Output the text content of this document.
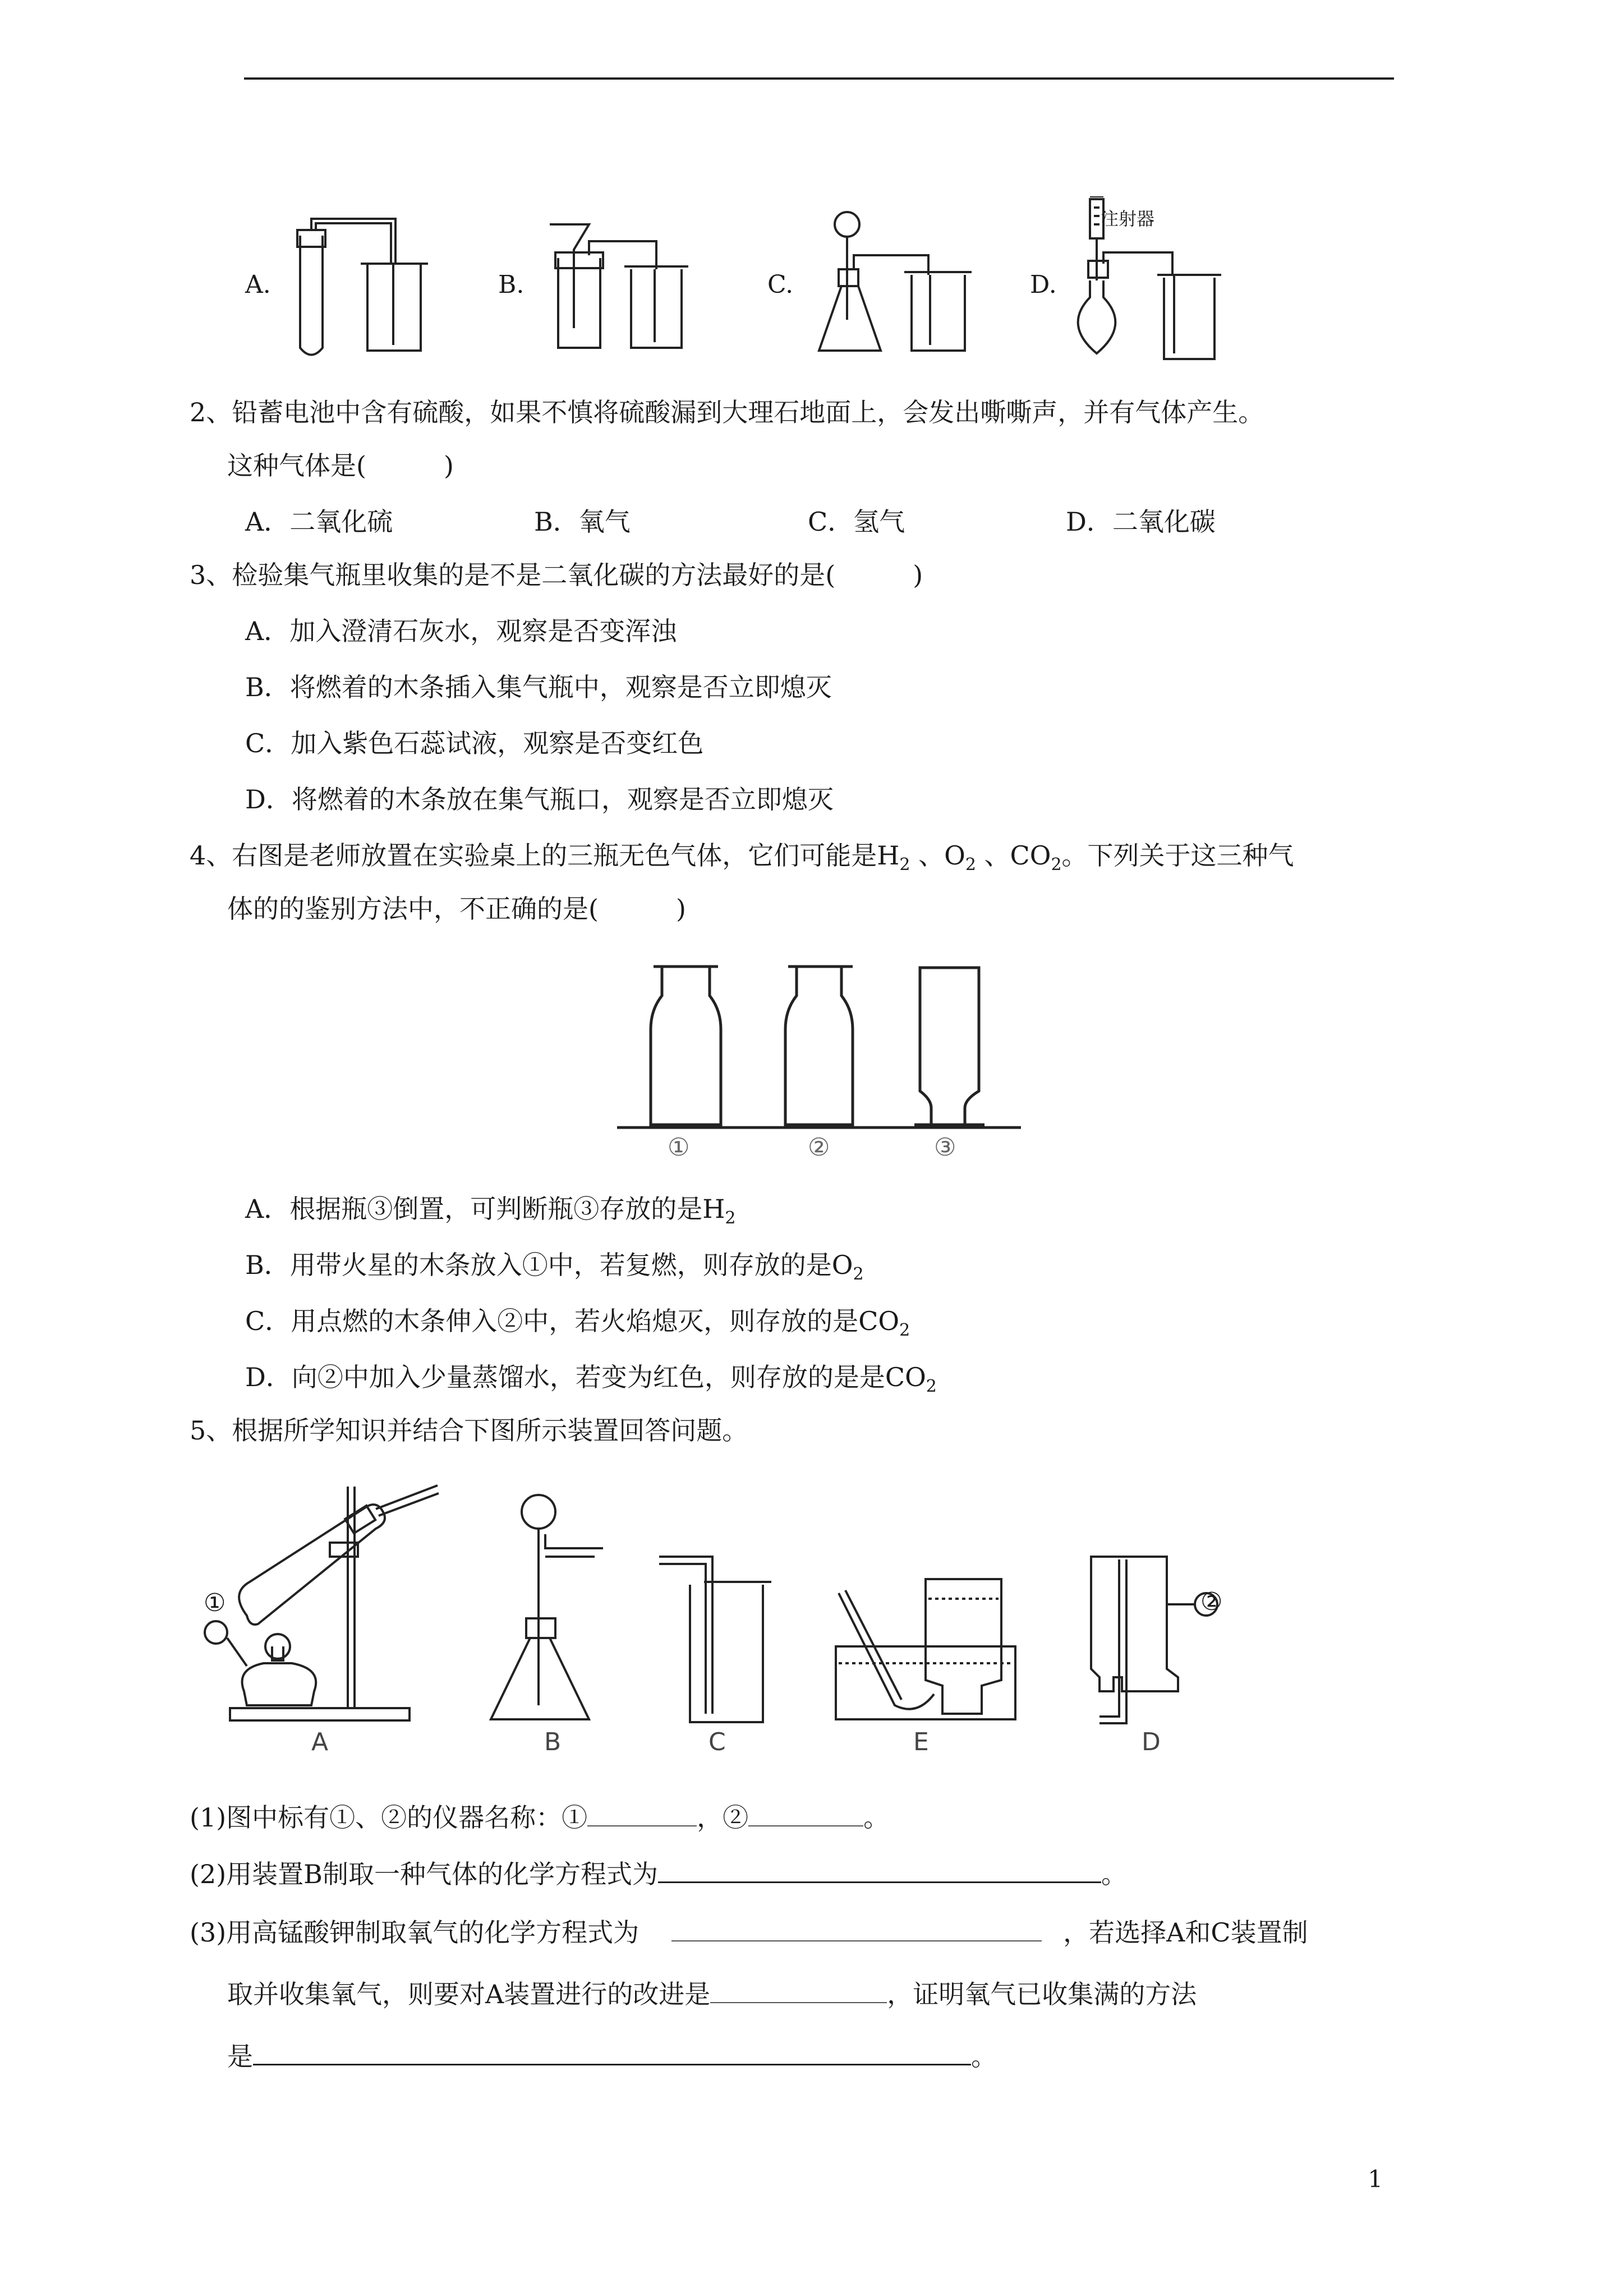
A.	B.	C.	D.
注射器
2、铅蓄电池中含有硫酸，如果不慎将硫酸漏到大理石地面上，会发出嘶嘶声，并有气体产生。
这种气体是(　　　)
A．二氧化硫	B．氧气	C．氢气	D．二氧化碳
3、检验集气瓶里收集的是不是二氧化碳的方法最好的是(　　　)
A．加入澄清石灰水，观察是否变浑浊
B．将燃着的木条插入集气瓶中，观察是否立即熄灭
C．加入紫色石蕊试液，观察是否变红色
D．将燃着的木条放在集气瓶口，观察是否立即熄灭
4、右图是老师放置在实验桌上的三瓶无色气体，它们可能是$H_2$ 、$O_2$ 、$CO_2$。下列关于这三种气
体的的鉴别方法中，不正确的是(　　　)
①	②	③
A．根据瓶③倒置，可判断瓶③存放的是$H_2$
B．用带火星的木条放入①中，若复燃，则存放的是$O_2$
C．用点燃的木条伸入②中，若火焰熄灭，则存放的是$CO_2$
D．向②中加入少量蒸馏水，若变为红色，则存放的是是$CO_2$
5、根据所学知识并结合下图所示装置回答问题。
①	②
A	B	C	E	D
(1)图中标有①、②的仪器名称：①	，②	。
(2)用装置B制取一种气体的化学方程式为	。
(3)用高锰酸钾制取氧气的化学方程式为	，若选择A和C装置制
取并收集氧气，则要对A装置进行的改进是	，证明氧气已收集满的方法
是	。
1
